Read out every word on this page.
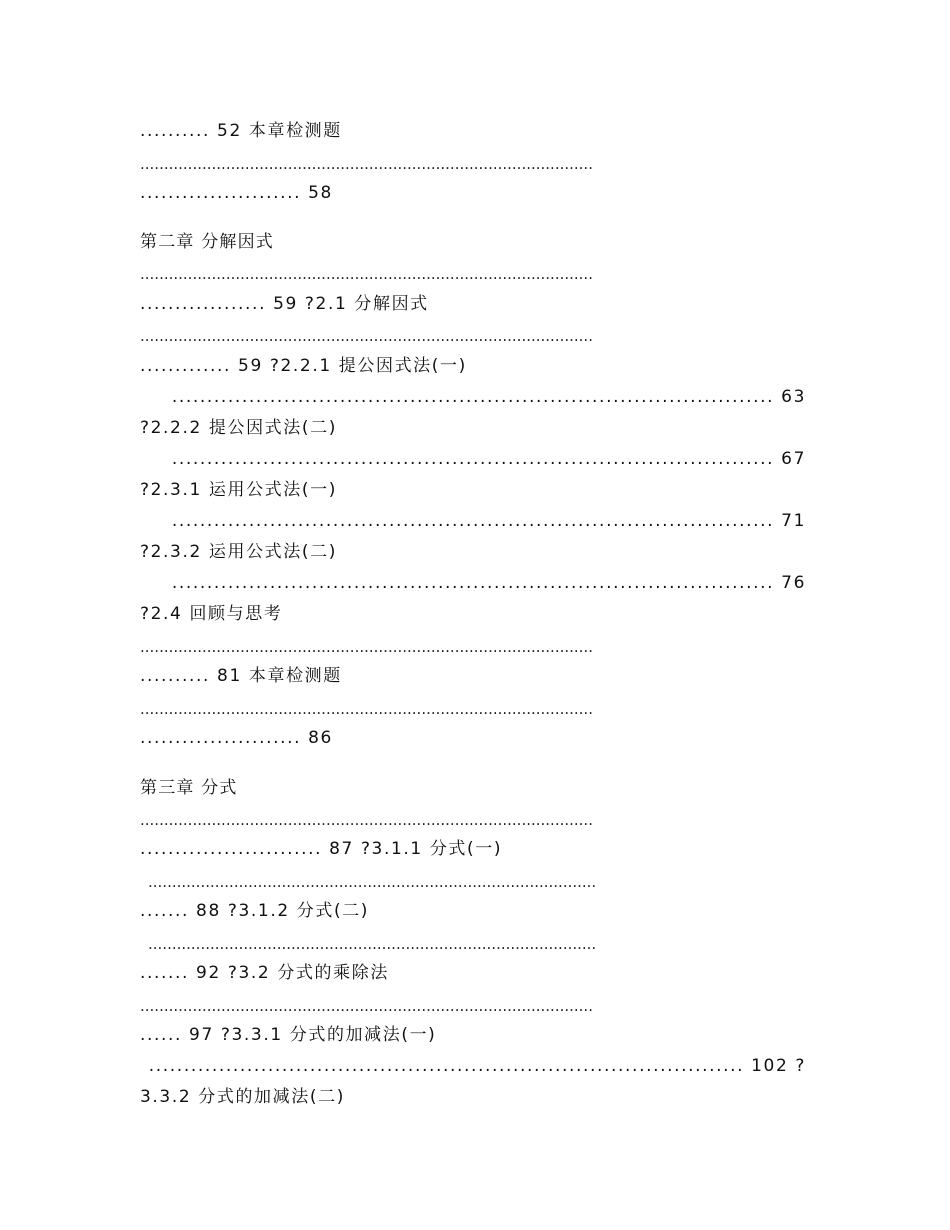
.......... 52 本章检测题
...............................................................................................
....................... 58
第二章 分解因式
...............................................................................................
.................. 59 ?2.1 分解因式
...............................................................................................
............. 59 ?2.2.1 提公因式法(一)
...................................................................................... 63
?2.2.2 提公因式法(二)
...................................................................................... 67
?2.3.1 运用公式法(一)
...................................................................................... 71
?2.3.2 运用公式法(二)
...................................................................................... 76
?2.4 回顾与思考
...............................................................................................
.......... 81 本章检测题
...............................................................................................
....................... 86
第三章 分式
...............................................................................................
.......................... 87 ?3.1.1 分式(一)
..............................................................................................
....... 88 ?3.1.2 分式(二)
..............................................................................................
....... 92 ?3.2 分式的乘除法
...............................................................................................
...... 97 ?3.3.1 分式的加减法(一)
..................................................................................... 102 ?
3.3.2 分式的加减法(二)
